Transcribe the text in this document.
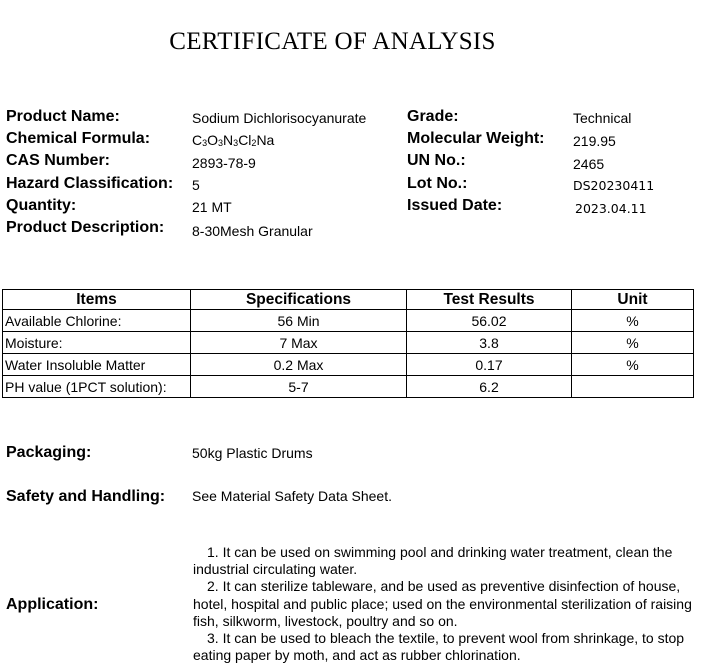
CERTIFICATE OF ANALYSIS
Product Name:	Sodium Dichlorisocyanurate
Chemical Formula:	$C_3O_3N_3Cl_2Na$
CAS Number:	2893-78-9
Hazard Classification: 5
Quantity:	21 MT
Product Description: 8-30Mesh Granular
Grade:	Technical
Molecular Weight: 219.95
UN No.:	2465
Lot No.:	DS20230411
Issued Date:	2023.04.11
Items	Specifications	Test Results	Unit
Available Chlorine:	56 Min	56.02	%
Moisture:	7 Max	3.8	%
Water Insoluble Matter	0.2 Max	0.17	%
PH value (1PCT solution):	5-7	6.2	
Packaging:	50kg Plastic Drums
Safety and Handling: See Material Safety Data Sheet.
Application:

1. It can be used on swimming pool and drinking water treatment, clean the industrial circulating water.

2. It can sterilize tableware, and be used as preventive disinfection of house, hotel, hospital and public place; used on the environmental sterilization of raising fish, silkworm, livestock, poultry and so on.

3. It can be used to bleach the textile, to prevent wool from shrinkage, to stop eating paper by moth, and act as rubber chlorination.
